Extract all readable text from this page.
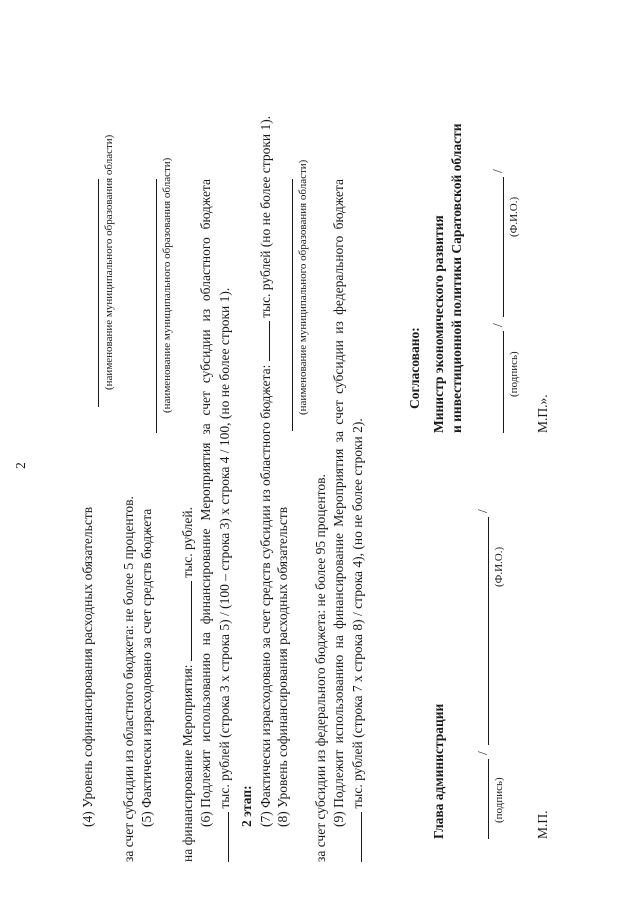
2
(4) Уровень софинансирования расходных обязательств
(наименование муниципального образования области)
за счет субсидии из областного бюджета: не более 5 процентов. (5) Фактически израсходовано за счет средств бюджета
(наименование муниципального образования области)
на финансирование Мероприятия:  тыс. рублей.
(6) Подлежит
использованию
на
финансирование
Мероприятия
за
счет
субсидии
из
областного
бюджета
тыс. рублей (строка 3 х строка 5) / (100 – строка 3) х строка 4 / 100, (но не более строки 1). 2 этап: (7) Фактически израсходовано за счет средств субсидии из областного бюджета:  тыс. рублей (но не более строки 1).
(8) Уровень софинансирования расходных обязательств
(наименование муниципального образования области)
за счет субсидии из федерального бюджета: не более 95 процентов. (9) Подлежит
использованию
на
финансирование
Мероприятия
за
счет
субсидии
из
федерального
бюджета
тыс. рублей (строка 7 х строка 8) / строка 4), (но не более строки 2).
Согласовано:
Глава администрации /
/
(подпись)
(Ф.И.О.)
М.П.
Министр экономического развития и инвестиционной политики Саратовской области /
/
(подпись)
(Ф.И.О.)
М.П.».
